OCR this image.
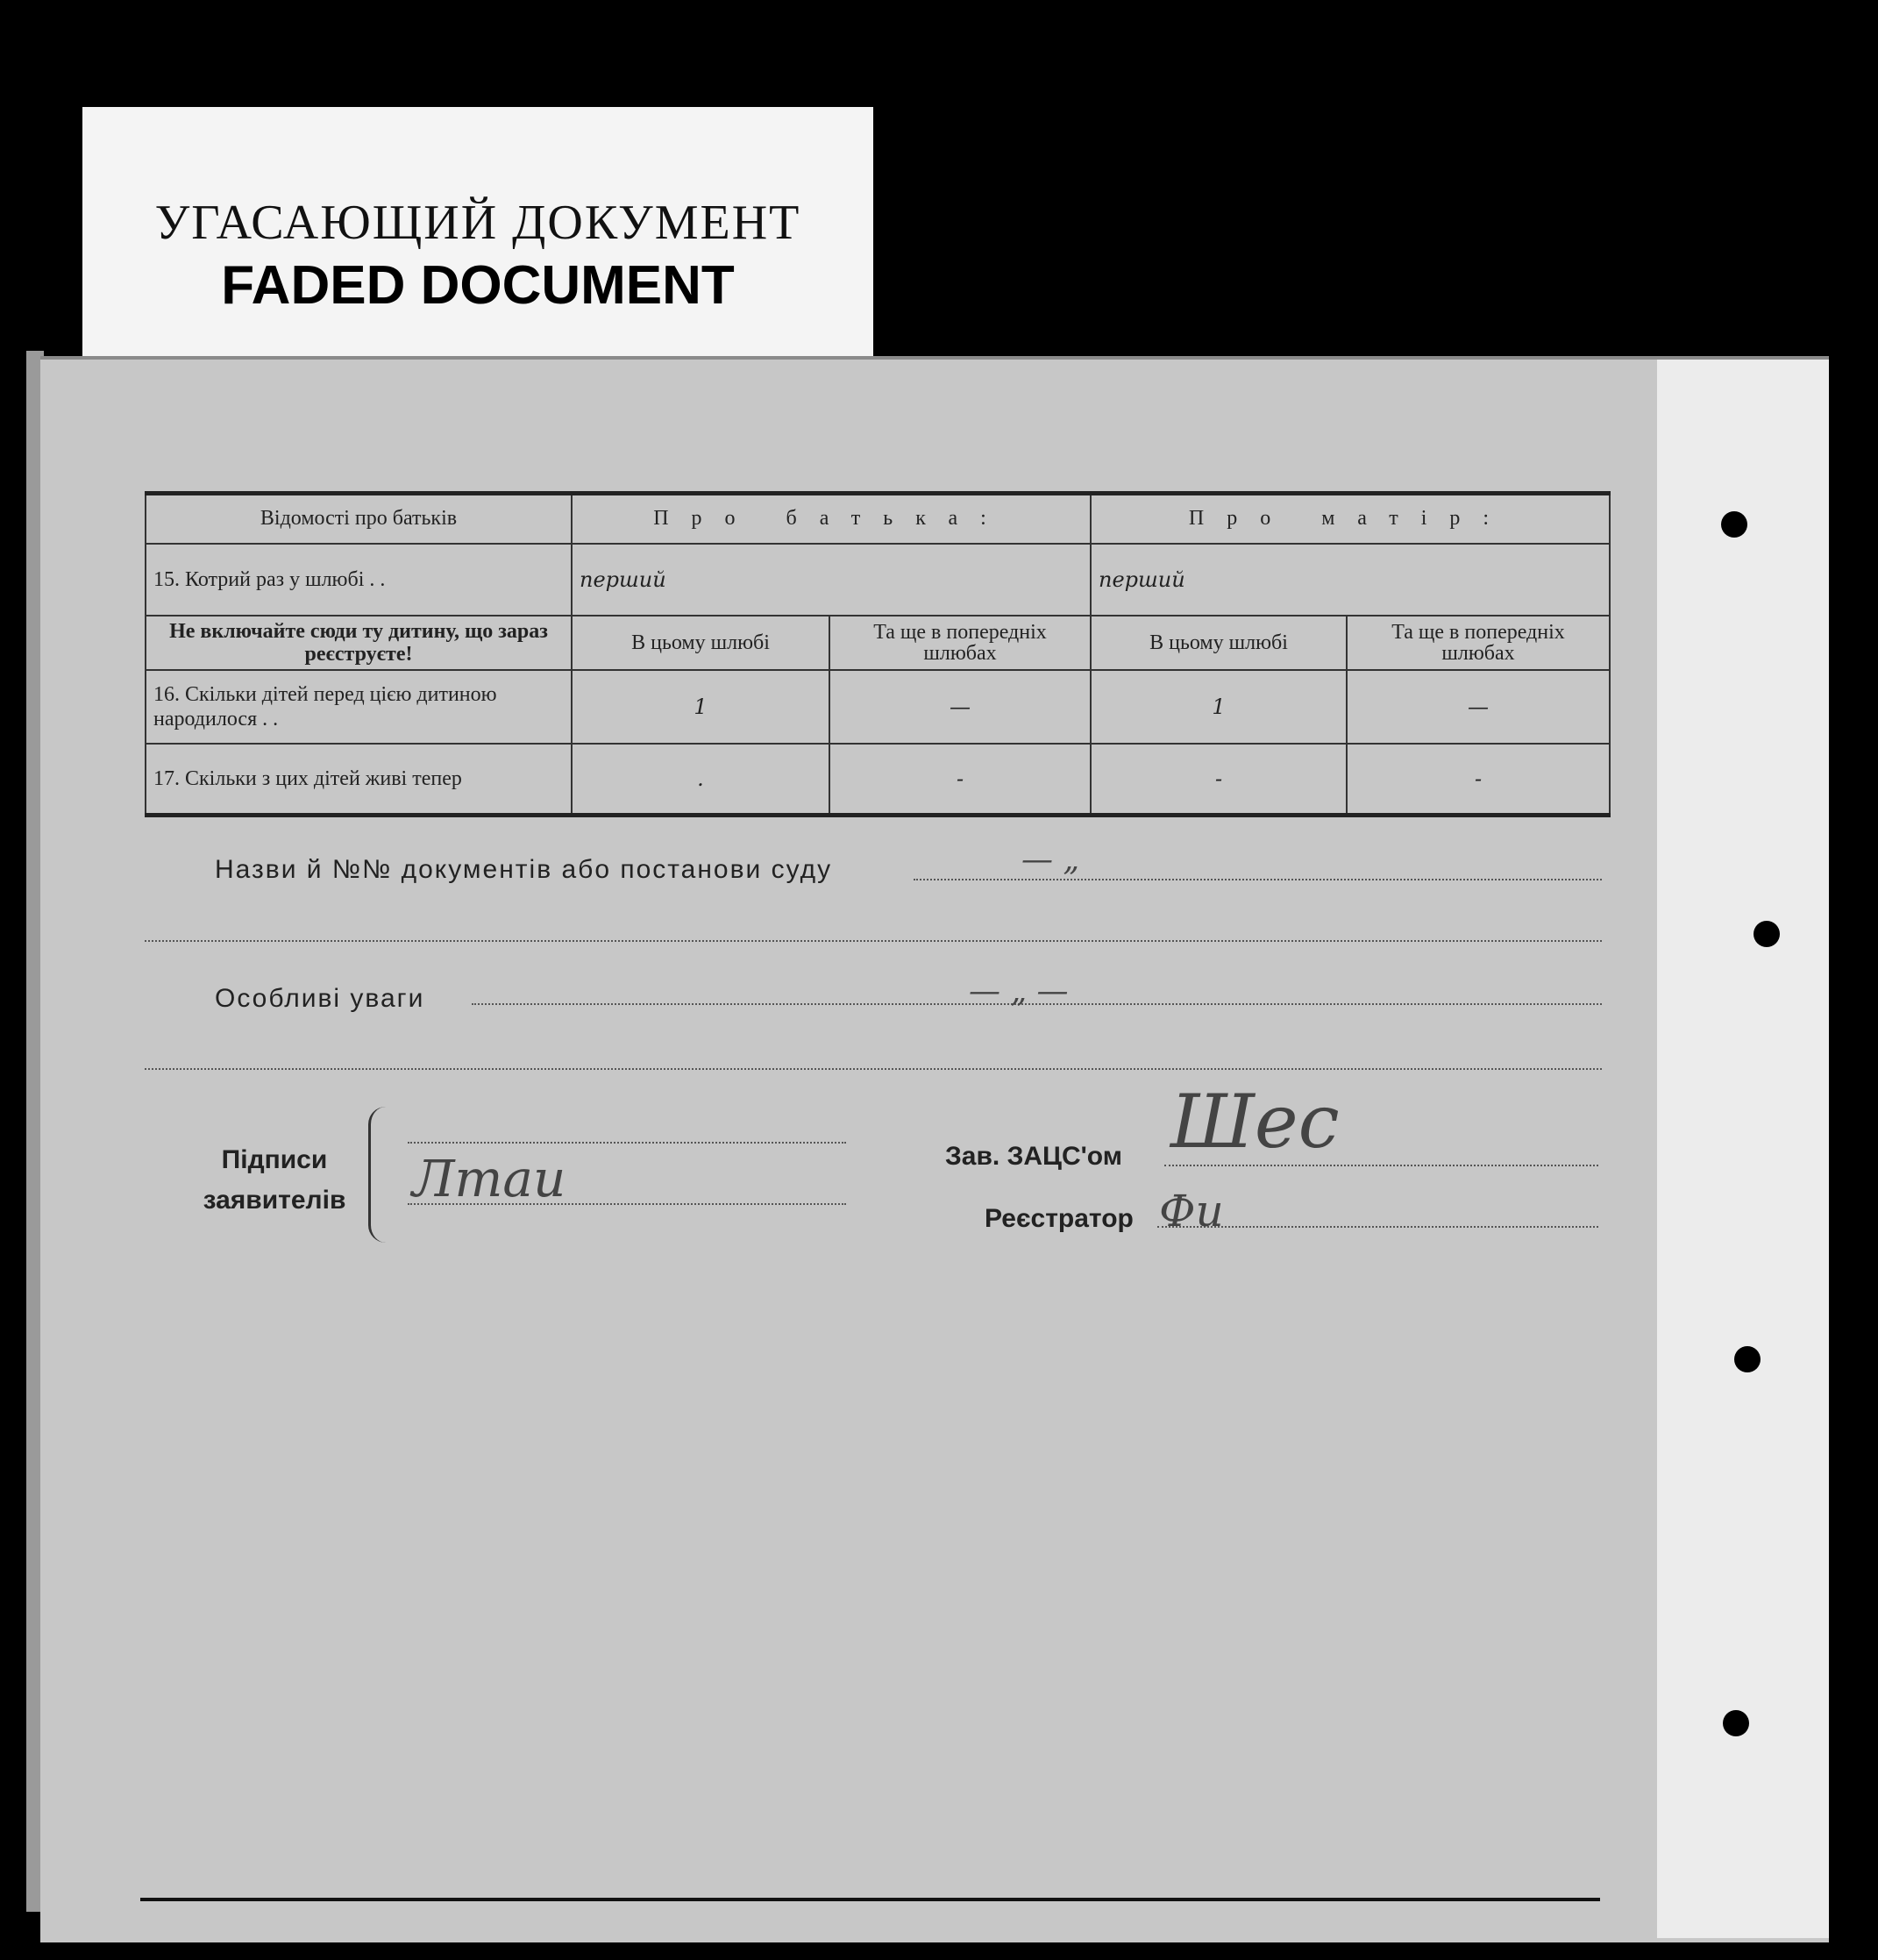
УГАСАЮЩИЙ ДОКУМЕНТ
FADED DOCUMENT
Відомості про батьків	Про батька:		Про матір:	
15. Котрий раз у шлюбі . .	перший		перший	
Не включайте сюди ту дитину, що зараз реєструєте!	В цьому шлюбі	Та ще в попередніх шлюбах	В цьому шлюбі	Та ще в попередніх шлюбах
16. Скільки дітей перед цією дитиною народилося . .	1	—	1	—
17. Скільки з цих дітей живі тепер	.	-	-	-
Назви й №№ документів або постанови суду	— „
Особливі уваги	— „ —
Підписи заявителів Лтаи	Зав. ЗАЦС'ом Шес
Реєстратор Фи
